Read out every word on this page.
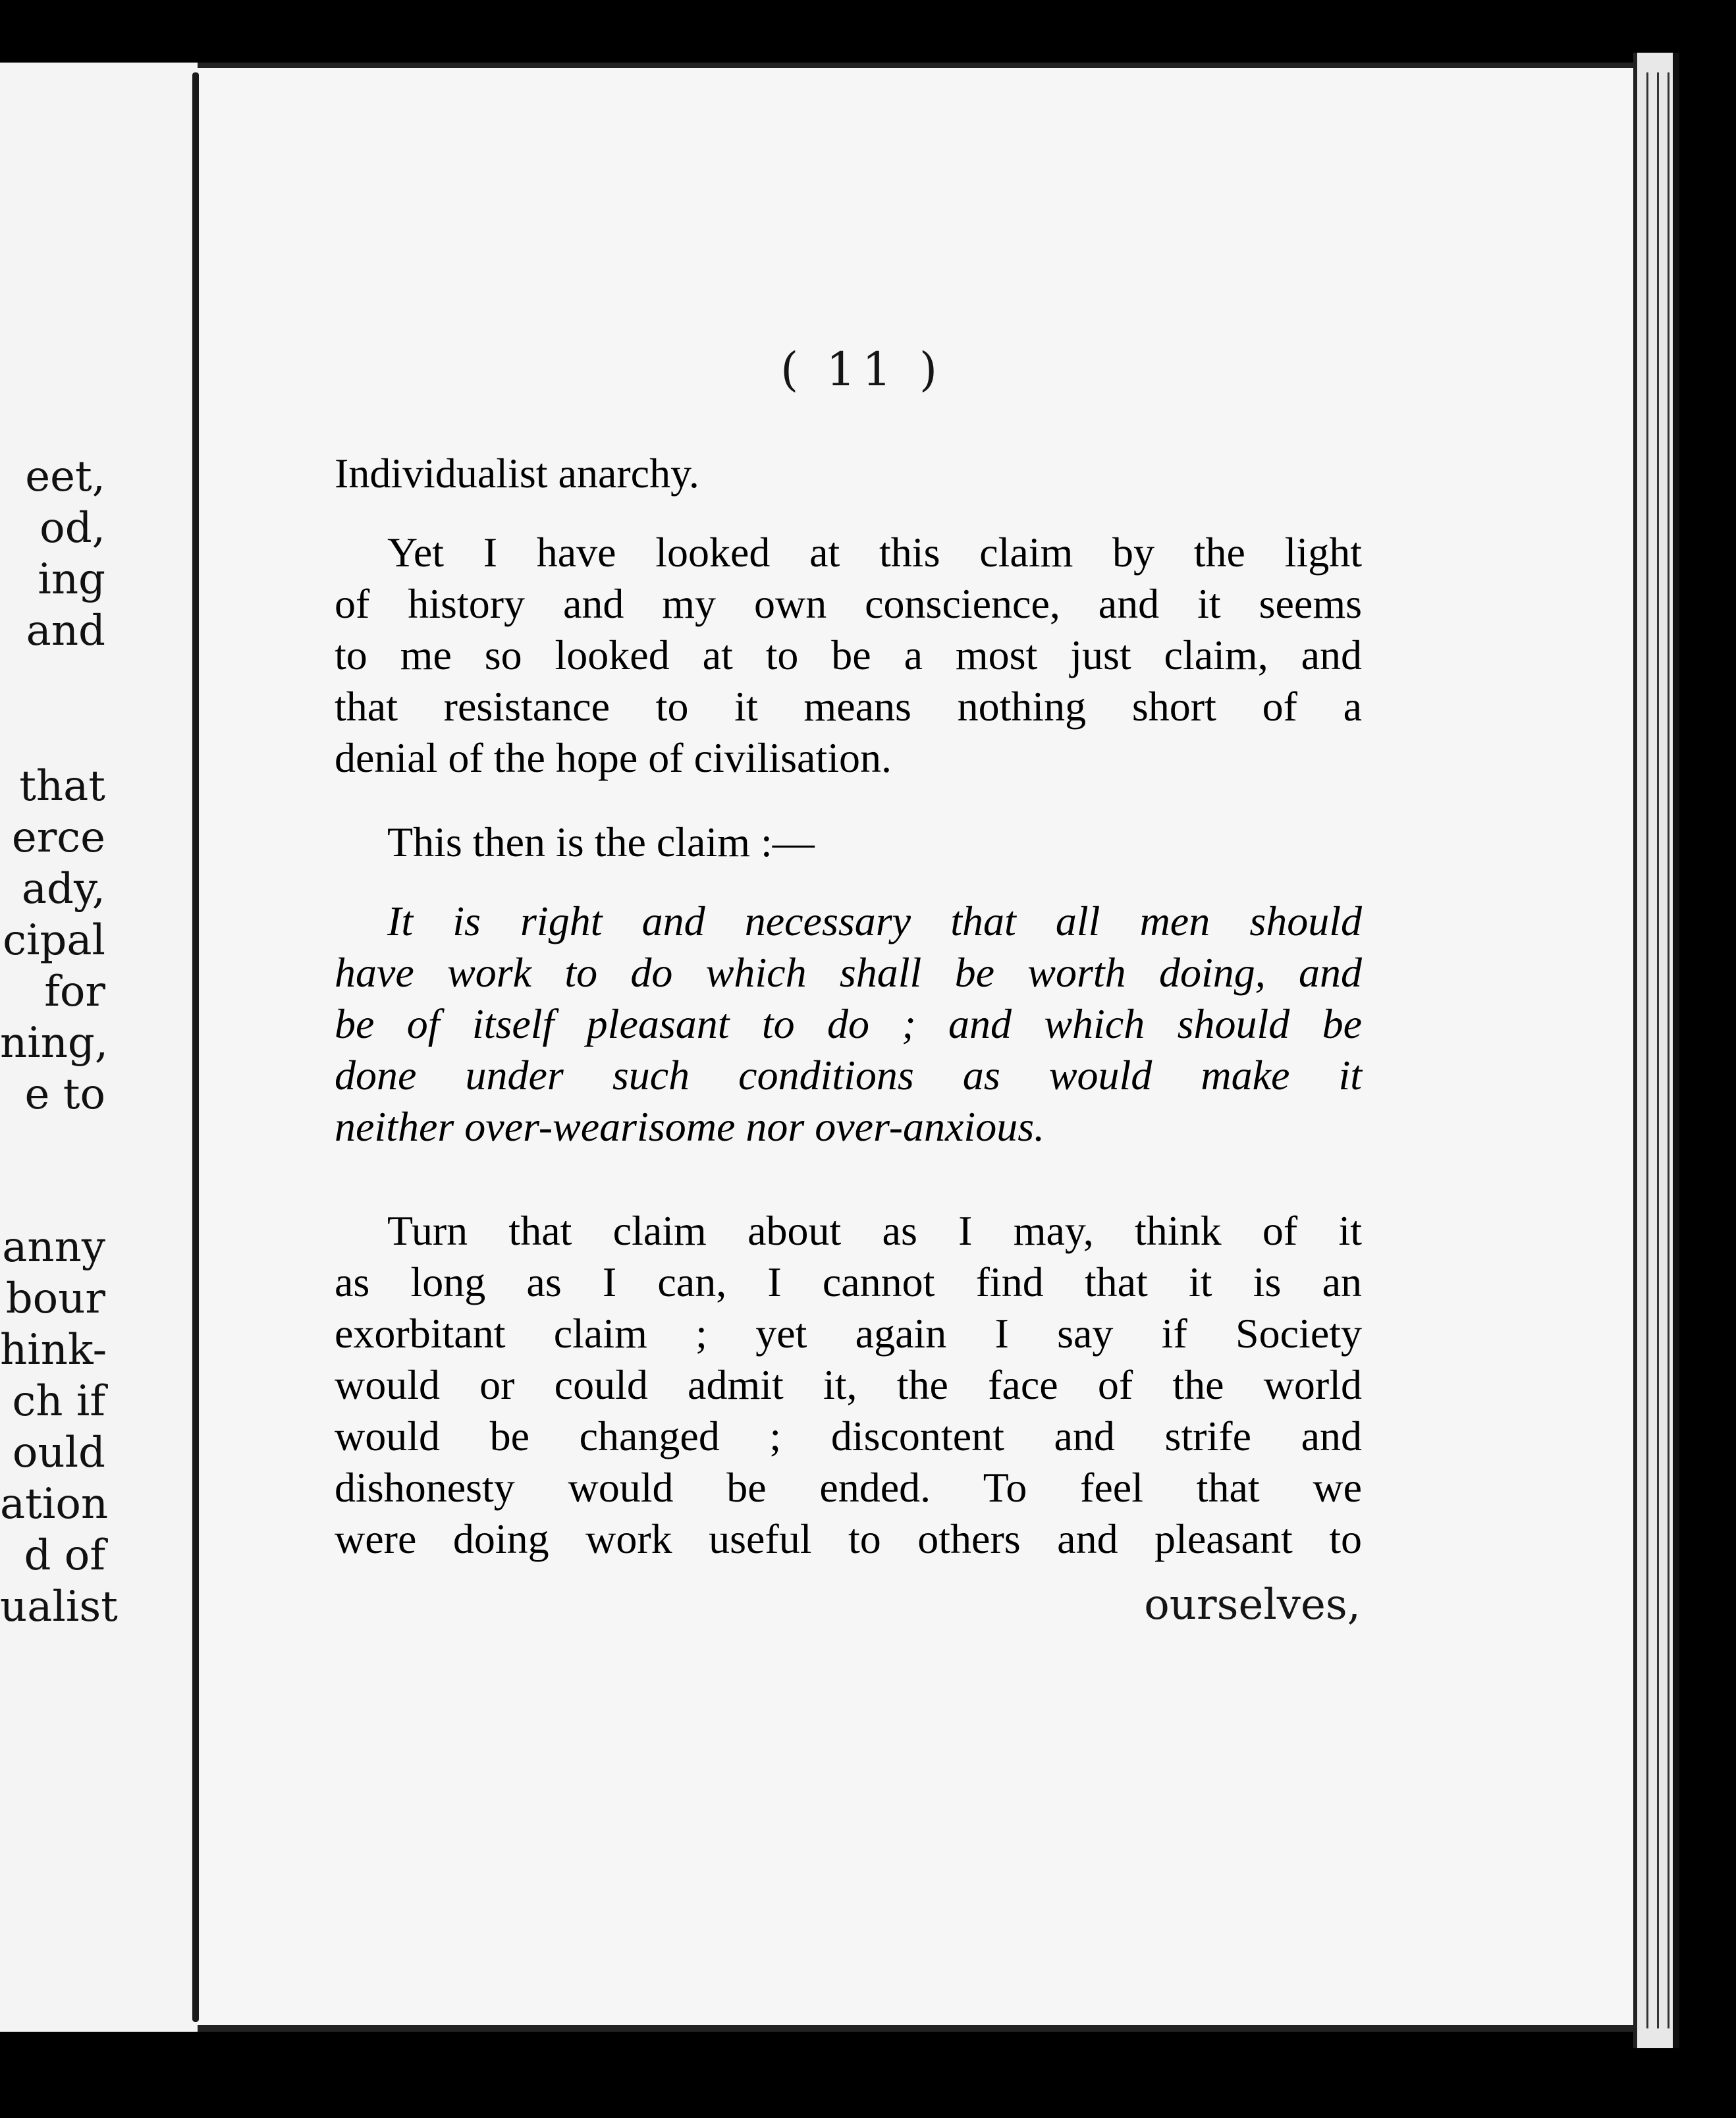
eet,
od,
ing
and
that
erce
ady,
cipal
for
ning,
e to
anny
bour
hink-
ch if
ould
ation
d of
ualist
( 11 )

Individualist anarchy.

Yet I have looked at this claim by the light
of history and my own conscience, and it seems
to me so looked at to be a most just claim, and
that resistance to it means nothing short of a
denial of the hope of civilisation.

This then is the claim :—

It is right and necessary that all men should
have work to do which shall be worth doing, and
be of itself pleasant to do ; and which should be
done under such conditions as would make it
neither over-wearisome nor over-anxious.

Turn that claim about as I may, think of it
as long as I can, I cannot find that it is an
exorbitant claim ; yet again I say if Society
would or could admit it, the face of the world
would be changed ; discontent and strife and
dishonesty would be ended. To feel that we
were doing work useful to others and pleasant to

ourselves,
